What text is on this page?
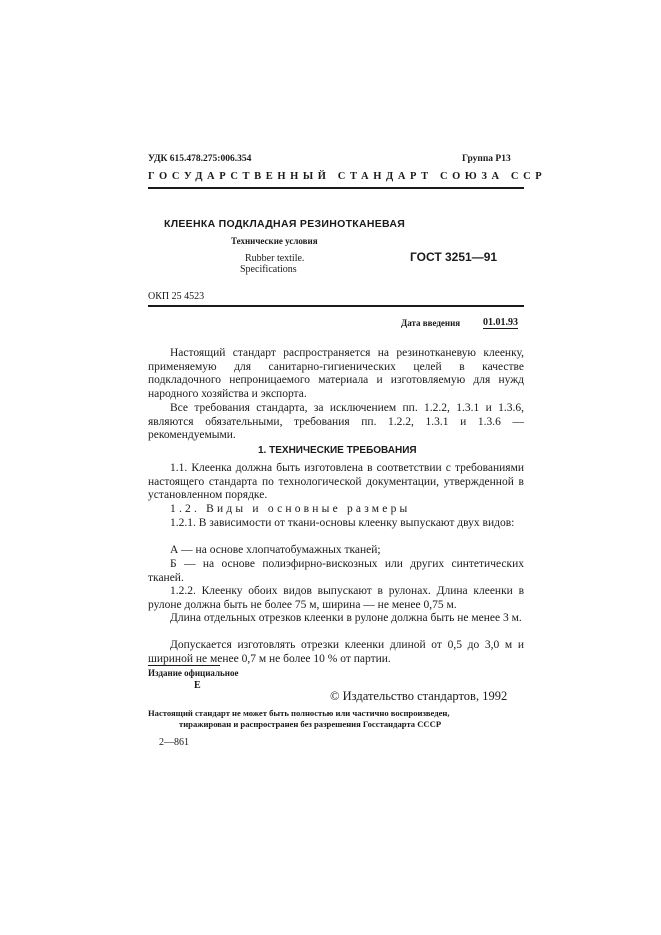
УДК 615.478.275:006.354	Группа Р13
ГОСУДАРСТВЕННЫЙ СТАНДАРТ СОЮЗА ССР
КЛЕЕНКА ПОДКЛАДНАЯ РЕЗИНОТКАНЕВАЯ
Технические условия
Rubber textile.
Specifications
ГОСТ 3251—91
ОКП 25 4523
Дата введения 01.01.93
Настоящий стандарт распространяется на резинотканевую клеенку, применяемую для санитарно-гигиенических целей в качестве подкладочного непроницаемого материала и изготовляемую для нужд народного хозяйства и экспорта.
Все требования стандарта, за исключением пп. 1.2.2, 1.3.1 и 1.3.6, являются обязательными, требования пп. 1.2.2, 1.3.1 и 1.3.6 — рекомендуемыми.
1. ТЕХНИЧЕСКИЕ ТРЕБОВАНИЯ
1.1. Клеенка должна быть изготовлена в соответствии с требованиями настоящего стандарта по технологической документации, утвержденной в установленном порядке.
1.2. Виды и основные размеры
1.2.1. В зависимости от ткани-основы клеенку выпускают двух видов:
А — на основе хлопчатобумажных тканей;
Б — на основе полиэфирно-вискозных или других синтетических тканей.
1.2.2. Клеенку обоих видов выпускают в рулонах. Длина клеенки в рулоне должна быть не более 75 м, ширина — не менее 0,75 м.
Длина отдельных отрезков клеенки в рулоне должна быть не менее 3 м.
Допускается изготовлять отрезки клеенки длиной от 0,5 до 3,0 м и шириной не менее 0,7 м не более 10 % от партии.
Издание официальное
Е
© Издательство стандартов, 1992
Настоящий стандарт не может быть полностью или частично воспроизведен,
тиражирован и распространен без разрешения Госстандарта СССР
2—861
